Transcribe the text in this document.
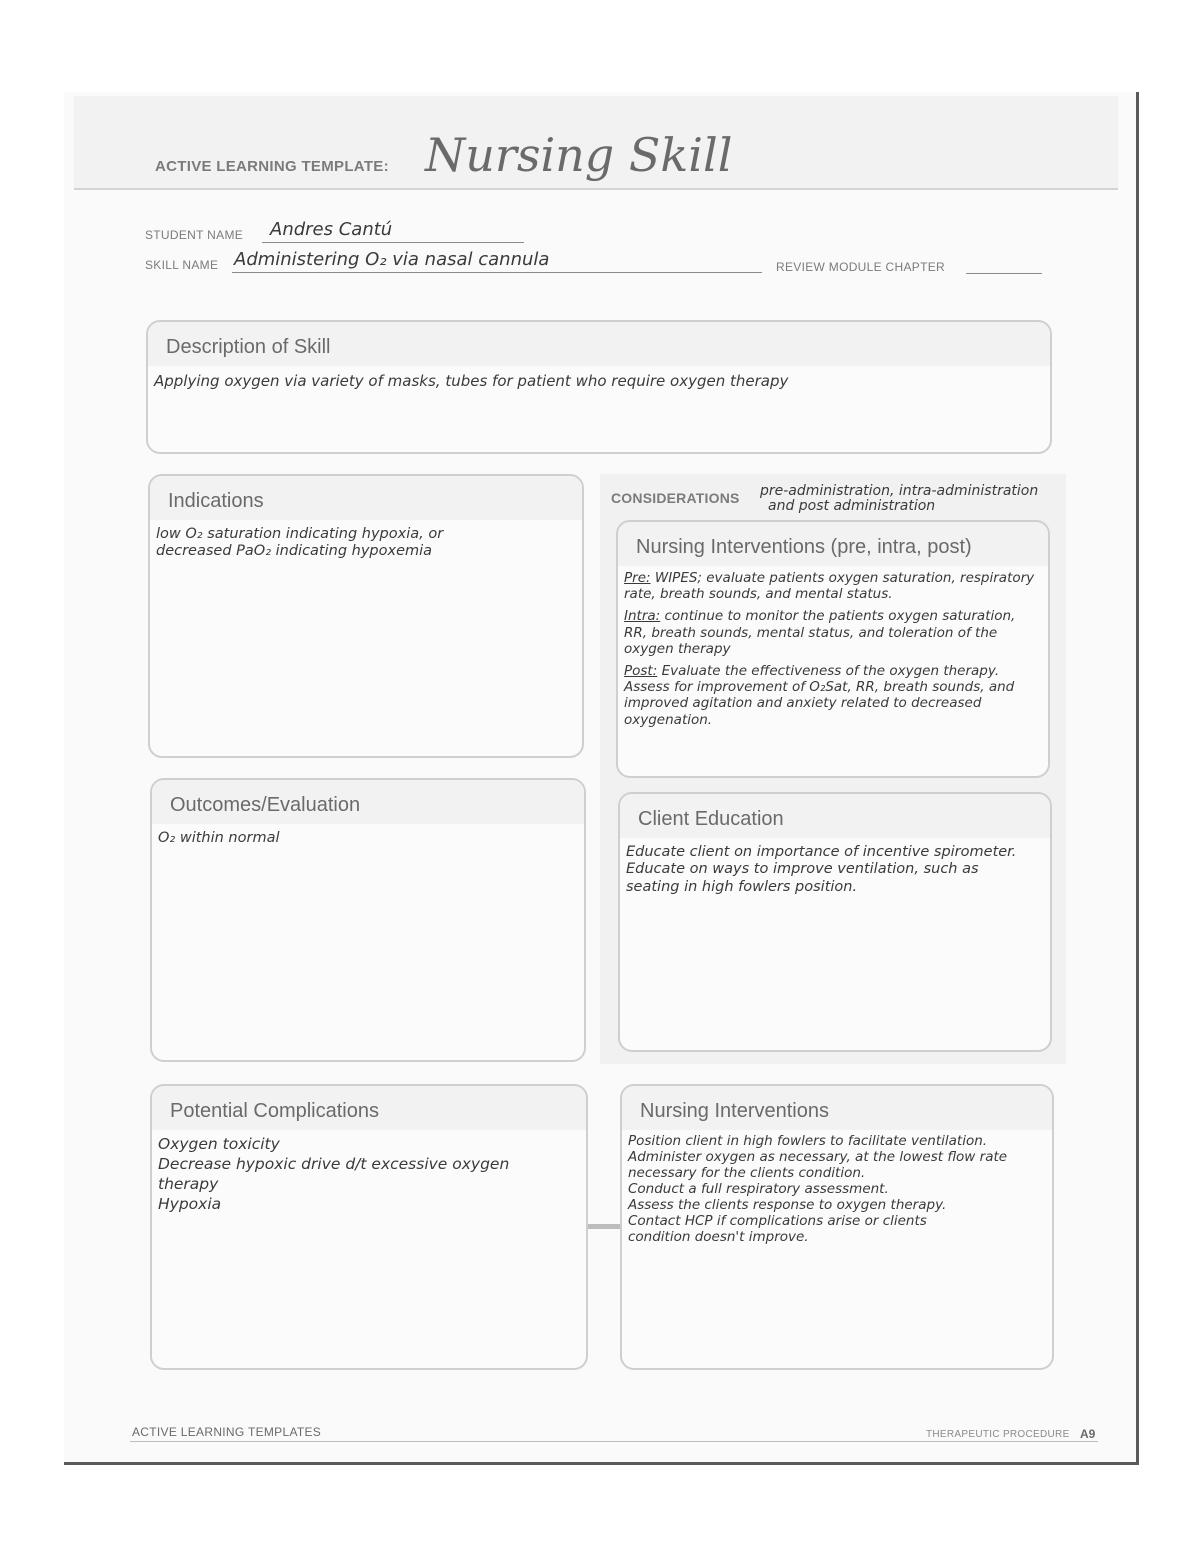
ACTIVE LEARNING TEMPLATE: Nursing Skill
STUDENT NAME Andres Cantú
SKILL NAME Administering O₂ via nasal cannula	REVIEW MODULE CHAPTER
Description of Skill
Applying oxygen via variety of masks, tubes for patient who require oxygen therapy
Indications
low O₂ saturation indicating hypoxia, or
decreased PaO₂ indicating hypoxemia
CONSIDERATIONS pre-administration, intra-administration
and post administration
Nursing Interventions (pre, intra, post)

Pre: WIPES; evaluate patients oxygen saturation, respiratory rate, breath sounds, and mental status.

Intra: continue to monitor the patients oxygen saturation, RR, breath sounds, mental status, and toleration of the oxygen therapy

Post: Evaluate the effectiveness of the oxygen therapy. Assess for improvement of O₂Sat, RR, breath sounds, and improved agitation and anxiety related to decreased oxygenation.

Outcomes/Evaluation
O₂ within normal
Client Education
Educate client on importance of incentive spirometer.
Educate on ways to improve ventilation, such as
seating in high fowlers position.
Potential Complications
Oxygen toxicity
Decrease hypoxic drive d/t excessive oxygen
therapy
Hypoxia
Nursing Interventions
Position client in high fowlers to facilitate ventilation.
Administer oxygen as necessary, at the lowest flow rate
necessary for the clients condition.
Conduct a full respiratory assessment.
Assess the clients response to oxygen therapy.
Contact HCP if complications arise or clients
condition doesn't improve.
ACTIVE LEARNING TEMPLATES	THERAPEUTIC PROCEDURE A9
